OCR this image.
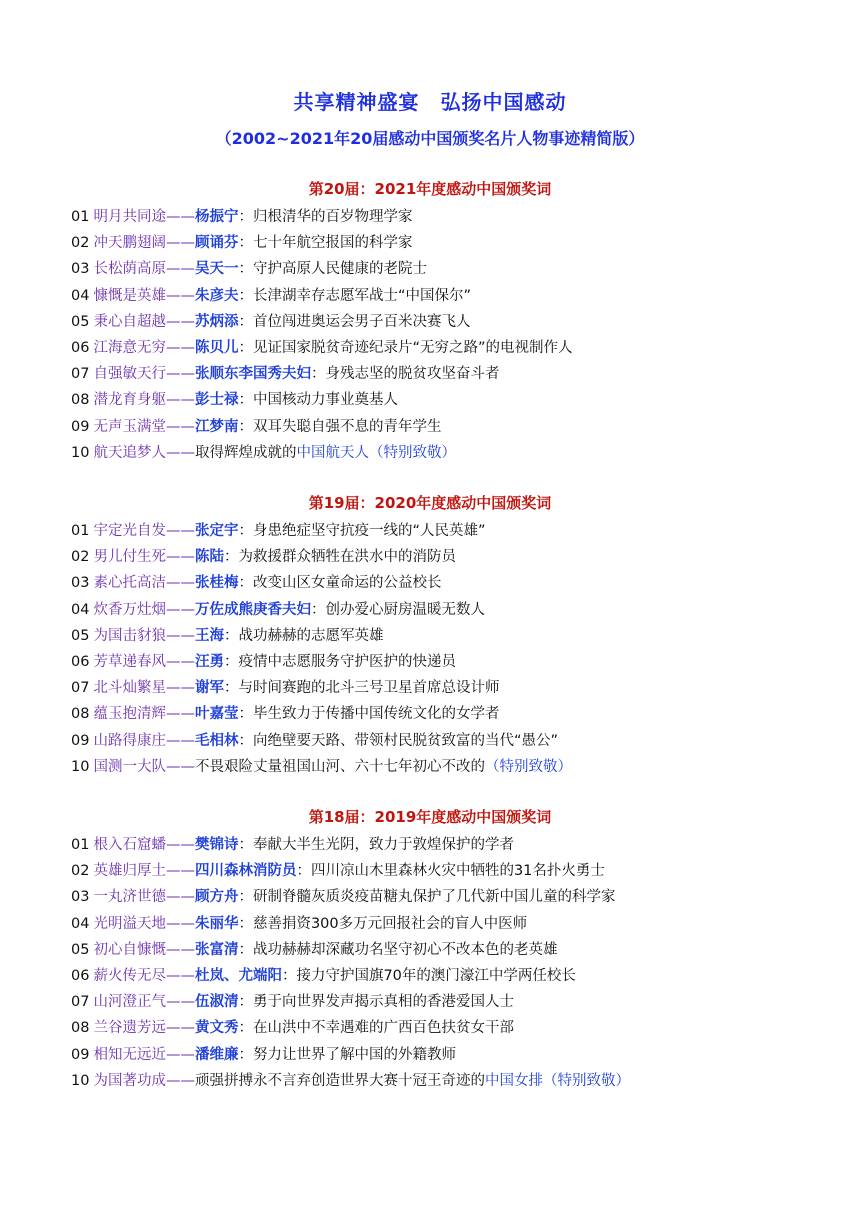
共享精神盛宴　弘扬中国感动
（2002~2021年20届感动中国颁奖名片人物事迹精简版）
第20届：2021年度感动中国颁奖词
01 明月共同途——杨振宁：归根清华的百岁物理学家
02 冲天鹏翅阔——顾诵芬：七十年航空报国的科学家
03 长松荫高原——吴天一：守护高原人民健康的老院士
04 慷慨是英雄——朱彦夫：长津湖幸存志愿军战士“中国保尔”
05 秉心自超越——苏炳添：首位闯进奥运会男子百米决赛飞人
06 江海意无穷——陈贝儿：见证国家脱贫奇迹纪录片“无穷之路”的电视制作人
07 自强敏天行——张顺东李国秀夫妇：身残志坚的脱贫攻坚奋斗者
08 潜龙育身躯——彭士禄：中国核动力事业奠基人
09 无声玉满堂——江梦南：双耳失聪自强不息的青年学生
10 航天追梦人——取得辉煌成就的中国航天人（特别致敬）
第19届：2020年度感动中国颁奖词
01 宇定光自发——张定宇：身患绝症坚守抗疫一线的“人民英雄”
02 男儿付生死——陈陆：为救援群众牺牲在洪水中的消防员
03 素心托高洁——张桂梅：改变山区女童命运的公益校长
04 炊香万灶烟——万佐成熊庚香夫妇：创办爱心厨房温暖无数人
05 为国击豺狼——王海：战功赫赫的志愿军英雄
06 芳草递春风——汪勇：疫情中志愿服务守护医护的快递员
07 北斗灿繁星——谢军：与时间赛跑的北斗三号卫星首席总设计师
08 蕴玉抱清辉——叶嘉莹：毕生致力于传播中国传统文化的女学者
09 山路得康庄——毛相林：向绝壁要天路、带领村民脱贫致富的当代“愚公”
10 国测一大队——不畏艰险丈量祖国山河、六十七年初心不改的（特别致敬）
第18届：2019年度感动中国颁奖词
01 根入石窟蟠——樊锦诗：奉献大半生光阴，致力于敦煌保护的学者
02 英雄归厚土——四川森林消防员：四川凉山木里森林火灾中牺牲的31名扑火勇士
03 一丸济世德——顾方舟：研制脊髓灰质炎疫苗糖丸保护了几代新中国儿童的科学家
04 光明溢天地——朱丽华：慈善捐资300多万元回报社会的盲人中医师
05 初心自慷慨——张富清：战功赫赫却深藏功名坚守初心不改本色的老英雄
06 薪火传无尽——杜岚、尤端阳：接力守护国旗70年的澳门濠江中学两任校长
07 山河澄正气——伍淑清：勇于向世界发声揭示真相的香港爱国人士
08 兰谷遗芳远——黄文秀：在山洪中不幸遇难的广西百色扶贫女干部
09 相知无远近——潘维廉：努力让世界了解中国的外籍教师
10 为国著功成——顽强拼搏永不言弃创造世界大赛十冠王奇迹的中国女排（特别致敬）
